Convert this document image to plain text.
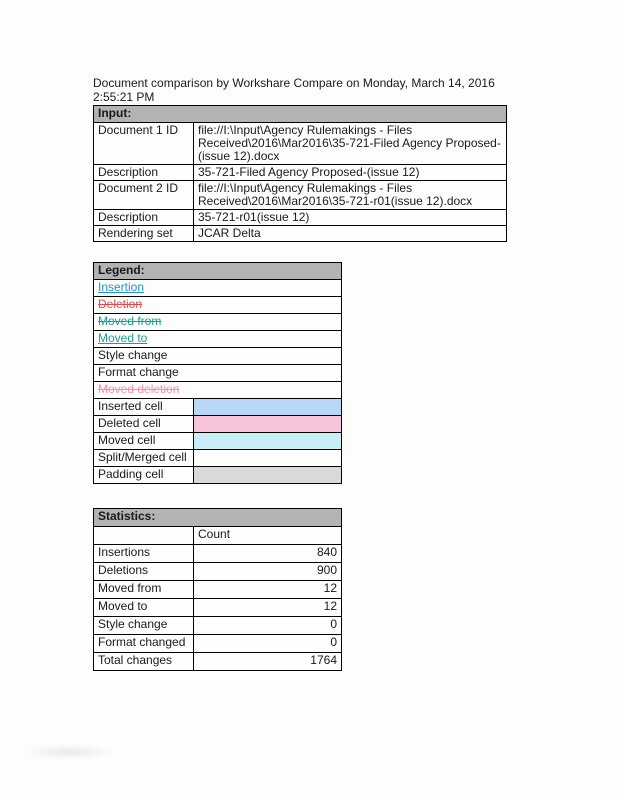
Document comparison by Workshare Compare on Monday, March 14, 2016 2:55:21 PM

Input:	
Document 1 ID	file://I:\Input\Agency Rulemakings - Files Received\2016\Mar2016\35-721-Filed Agency Proposed-(issue 12).docx
Description	35-721-Filed Agency Proposed-(issue 12)
Document 2 ID	file://I:\Input\Agency Rulemakings - Files Received\2016\Mar2016\35-721-r01(issue 12).docx
Description	35-721-r01(issue 12)
Rendering set	JCAR Delta
Legend:	
Insertion	
Deletion	
Moved from	
Moved to	
Style change	
Format change	
Moved deletion	
Inserted cell	
Deleted cell	
Moved cell	
Split/Merged cell	
Padding cell	
Statistics:	
	Count
Insertions	840
Deletions	900
Moved from	12
Moved to	12
Style change	0
Format changed	0
Total changes	1764
